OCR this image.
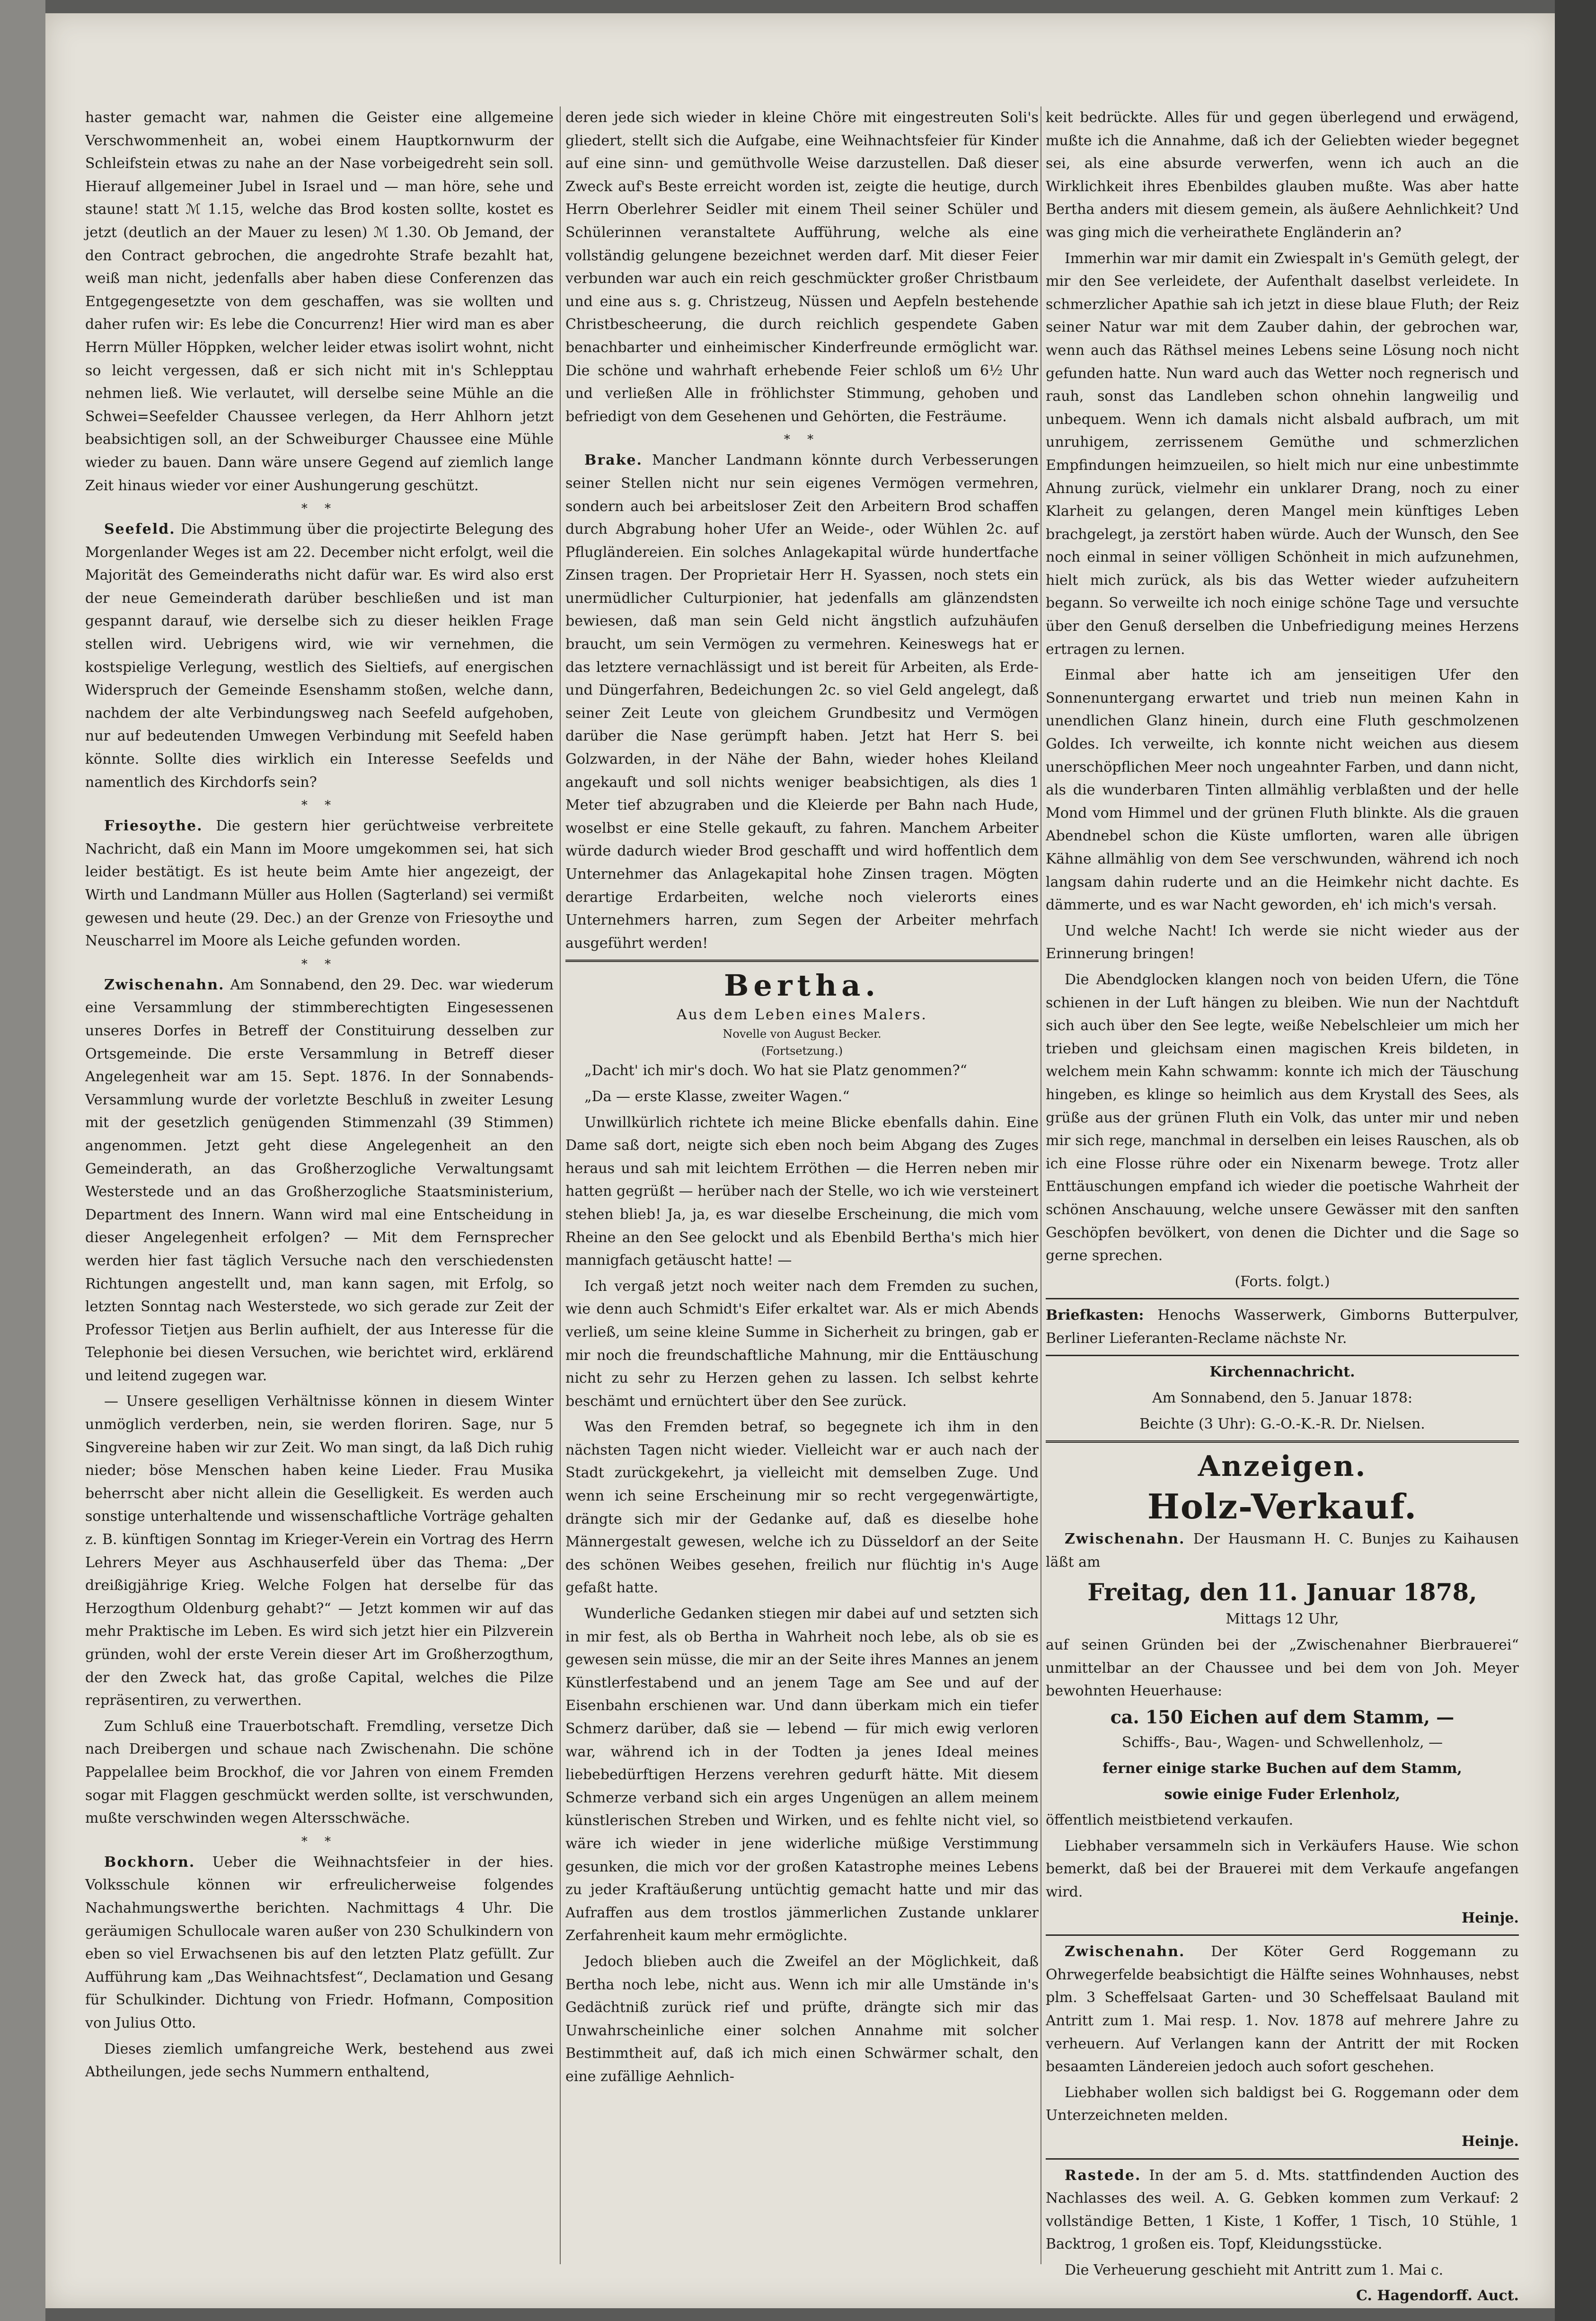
haster gemacht war, nahmen die Geister eine allgemeine Verschwommenheit an, wobei einem Hauptkornwurm der Schleifstein etwas zu nahe an der Nase vorbeigedreht sein soll. Hierauf allgemeiner Jubel in Israel und — man höre, sehe und staune! statt ℳ 1.15, welche das Brod kosten sollte, kostet es jetzt (deutlich an der Mauer zu lesen) ℳ 1.30. Ob Jemand, der den Contract gebrochen, die angedrohte Strafe bezahlt hat, weiß man nicht, jedenfalls aber haben diese Conferenzen das Entgegengesetzte von dem geschaffen, was sie wollten und daher rufen wir: Es lebe die Concurrenz! Hier wird man es aber Herrn Müller Höppken, welcher leider etwas isolirt wohnt, nicht so leicht vergessen, daß er sich nicht mit in's Schlepptau nehmen ließ. Wie verlautet, will derselbe seine Mühle an die Schwei=Seefelder Chaussee verlegen, da Herr Ahlhorn jetzt beabsichtigen soll, an der Schweiburger Chaussee eine Mühle wieder zu bauen. Dann wäre unsere Gegend auf ziemlich lange Zeit hinaus wieder vor einer Aushungerung geschützt.

* *

Seefeld. Die Abstimmung über die projectirte Belegung des Morgenlander Weges ist am 22. December nicht erfolgt, weil die Majorität des Gemeinderaths nicht dafür war. Es wird also erst der neue Gemeinderath darüber beschließen und ist man gespannt darauf, wie derselbe sich zu dieser heiklen Frage stellen wird. Uebrigens wird, wie wir vernehmen, die kostspielige Verlegung, westlich des Sieltiefs, auf energischen Widerspruch der Gemeinde Esenshamm stoßen, welche dann, nachdem der alte Verbindungsweg nach Seefeld aufgehoben, nur auf bedeutenden Umwegen Verbindung mit Seefeld haben könnte. Sollte dies wirklich ein Interesse Seefelds und namentlich des Kirchdorfs sein?

* *

Friesoythe. Die gestern hier gerüchtweise verbreitete Nachricht, daß ein Mann im Moore umgekommen sei, hat sich leider bestätigt. Es ist heute beim Amte hier angezeigt, der Wirth und Landmann Müller aus Hollen (Sagterland) sei vermißt gewesen und heute (29. Dec.) an der Grenze von Friesoythe und Neuscharrel im Moore als Leiche gefunden worden.

* *

Zwischenahn. Am Sonnabend, den 29. Dec. war wiederum eine Versammlung der stimmberechtigten Eingesessenen unseres Dorfes in Betreff der Constituirung desselben zur Ortsgemeinde. Die erste Versammlung in Betreff dieser Angelegenheit war am 15. Sept. 1876. In der Sonnabends-Versammlung wurde der vorletzte Beschluß in zweiter Lesung mit der gesetzlich genügenden Stimmenzahl (39 Stimmen) angenommen. Jetzt geht diese Angelegenheit an den Gemeinderath, an das Großherzogliche Verwaltungsamt Westerstede und an das Großherzogliche Staatsministerium, Department des Innern. Wann wird mal eine Entscheidung in dieser Angelegenheit erfolgen? — Mit dem Fernsprecher werden hier fast täglich Versuche nach den verschiedensten Richtungen angestellt und, man kann sagen, mit Erfolg, so letzten Sonntag nach Westerstede, wo sich gerade zur Zeit der Professor Tietjen aus Berlin aufhielt, der aus Interesse für die Telephonie bei diesen Versuchen, wie berichtet wird, erklärend und leitend zugegen war.

— Unsere geselligen Verhältnisse können in diesem Winter unmöglich verderben, nein, sie werden floriren. Sage, nur 5 Singvereine haben wir zur Zeit. Wo man singt, da laß Dich ruhig nieder; böse Menschen haben keine Lieder. Frau Musika beherrscht aber nicht allein die Geselligkeit. Es werden auch sonstige unterhaltende und wissenschaftliche Vorträge gehalten z. B. künftigen Sonntag im Krieger-Verein ein Vortrag des Herrn Lehrers Meyer aus Aschhauserfeld über das Thema: „Der dreißigjährige Krieg. Welche Folgen hat derselbe für das Herzogthum Oldenburg gehabt?“ — Jetzt kommen wir auf das mehr Praktische im Leben. Es wird sich jetzt hier ein Pilzverein gründen, wohl der erste Verein dieser Art im Großherzogthum, der den Zweck hat, das große Capital, welches die Pilze repräsentiren, zu verwerthen.

Zum Schluß eine Trauerbotschaft. Fremdling, versetze Dich nach Dreibergen und schaue nach Zwischenahn. Die schöne Pappelallee beim Brockhof, die vor Jahren von einem Fremden sogar mit Flaggen geschmückt werden sollte, ist verschwunden, mußte verschwinden wegen Altersschwäche.

* *

Bockhorn. Ueber die Weihnachtsfeier in der hies. Volksschule können wir erfreulicherweise folgendes Nachahmungswerthe berichten. Nachmittags 4 Uhr. Die geräumigen Schullocale waren außer von 230 Schulkindern von eben so viel Erwachsenen bis auf den letzten Platz gefüllt. Zur Aufführung kam „Das Weihnachtsfest“, Declamation und Gesang für Schulkinder. Dichtung von Friedr. Hofmann, Composition von Julius Otto.

Dieses ziemlich umfangreiche Werk, bestehend aus zwei Abtheilungen, jede sechs Nummern enthaltend,

deren jede sich wieder in kleine Chöre mit eingestreuten Soli's gliedert, stellt sich die Aufgabe, eine Weihnachtsfeier für Kinder auf eine sinn- und gemüthvolle Weise darzustellen. Daß dieser Zweck auf's Beste erreicht worden ist, zeigte die heutige, durch Herrn Oberlehrer Seidler mit einem Theil seiner Schüler und Schülerinnen veranstaltete Aufführung, welche als eine vollständig gelungene bezeichnet werden darf. Mit dieser Feier verbunden war auch ein reich geschmückter großer Christbaum und eine aus s. g. Christzeug, Nüssen und Aepfeln bestehende Christbescheerung, die durch reichlich gespendete Gaben benachbarter und einheimischer Kinderfreunde ermöglicht war. Die schöne und wahrhaft erhebende Feier schloß um 6½ Uhr und verließen Alle in fröhlichster Stimmung, gehoben und befriedigt von dem Gesehenen und Gehörten, die Festräume.

* *

Brake. Mancher Landmann könnte durch Verbesserungen seiner Stellen nicht nur sein eigenes Vermögen vermehren, sondern auch bei arbeitsloser Zeit den Arbeitern Brod schaffen durch Abgrabung hoher Ufer an Weide-, oder Wühlen 2c. auf Pflugländereien. Ein solches Anlagekapital würde hundertfache Zinsen tragen. Der Proprietair Herr H. Syassen, noch stets ein unermüdlicher Culturpionier, hat jedenfalls am glänzendsten bewiesen, daß man sein Geld nicht ängstlich aufzuhäufen braucht, um sein Vermögen zu vermehren. Keineswegs hat er das letztere vernachlässigt und ist bereit für Arbeiten, als Erde- und Düngerfahren, Bedeichungen 2c. so viel Geld angelegt, daß seiner Zeit Leute von gleichem Grundbesitz und Vermögen darüber die Nase gerümpft haben. Jetzt hat Herr S. bei Golzwarden, in der Nähe der Bahn, wieder hohes Kleiland angekauft und soll nichts weniger beabsichtigen, als dies 1 Meter tief abzugraben und die Kleierde per Bahn nach Hude, woselbst er eine Stelle gekauft, zu fahren. Manchem Arbeiter würde dadurch wieder Brod geschafft und wird hoffentlich dem Unternehmer das Anlagekapital hohe Zinsen tragen. Mögten derartige Erdarbeiten, welche noch vielerorts eines Unternehmers harren, zum Segen der Arbeiter mehrfach ausgeführt werden!

Bertha.
Aus dem Leben eines Malers.
Novelle von August Becker.
(Fortsetzung.)

„Dacht' ich mir's doch. Wo hat sie Platz genommen?“

„Da — erste Klasse, zweiter Wagen.“

Unwillkürlich richtete ich meine Blicke ebenfalls dahin. Eine Dame saß dort, neigte sich eben noch beim Abgang des Zuges heraus und sah mit leichtem Erröthen — die Herren neben mir hatten gegrüßt — herüber nach der Stelle, wo ich wie versteinert stehen blieb! Ja, ja, es war dieselbe Erscheinung, die mich vom Rheine an den See gelockt und als Ebenbild Bertha's mich hier mannigfach getäuscht hatte! —

Ich vergaß jetzt noch weiter nach dem Fremden zu suchen, wie denn auch Schmidt's Eifer erkaltet war. Als er mich Abends verließ, um seine kleine Summe in Sicherheit zu bringen, gab er mir noch die freundschaftliche Mahnung, mir die Enttäuschung nicht zu sehr zu Herzen gehen zu lassen. Ich selbst kehrte beschämt und ernüchtert über den See zurück.

Was den Fremden betraf, so begegnete ich ihm in den nächsten Tagen nicht wieder. Vielleicht war er auch nach der Stadt zurückgekehrt, ja vielleicht mit demselben Zuge. Und wenn ich seine Erscheinung mir so recht vergegenwärtigte, drängte sich mir der Gedanke auf, daß es dieselbe hohe Männergestalt gewesen, welche ich zu Düsseldorf an der Seite des schönen Weibes gesehen, freilich nur flüchtig in's Auge gefaßt hatte.

Wunderliche Gedanken stiegen mir dabei auf und setzten sich in mir fest, als ob Bertha in Wahrheit noch lebe, als ob sie es gewesen sein müsse, die mir an der Seite ihres Mannes an jenem Künstlerfestabend und an jenem Tage am See und auf der Eisenbahn erschienen war. Und dann überkam mich ein tiefer Schmerz darüber, daß sie — lebend — für mich ewig verloren war, während ich in der Todten ja jenes Ideal meines liebebedürftigen Herzens verehren gedurft hätte. Mit diesem Schmerze verband sich ein arges Ungenügen an allem meinem künstlerischen Streben und Wirken, und es fehlte nicht viel, so wäre ich wieder in jene widerliche müßige Verstimmung gesunken, die mich vor der großen Katastrophe meines Lebens zu jeder Kraftäußerung untüchtig gemacht hatte und mir das Aufraffen aus dem trostlos jämmerlichen Zustande unklarer Zerfahrenheit kaum mehr ermöglichte.

Jedoch blieben auch die Zweifel an der Möglichkeit, daß Bertha noch lebe, nicht aus. Wenn ich mir alle Umstände in's Gedächtniß zurück rief und prüfte, drängte sich mir das Unwahrscheinliche einer solchen Annahme mit solcher Bestimmtheit auf, daß ich mich einen Schwärmer schalt, den eine zufällige Aehnlich-

keit bedrückte. Alles für und gegen überlegend und erwägend, mußte ich die Annahme, daß ich der Geliebten wieder begegnet sei, als eine absurde verwerfen, wenn ich auch an die Wirklichkeit ihres Ebenbildes glauben mußte. Was aber hatte Bertha anders mit diesem gemein, als äußere Aehnlichkeit? Und was ging mich die verheirathete Engländerin an?

Immerhin war mir damit ein Zwiespalt in's Gemüth gelegt, der mir den See verleidete, der Aufenthalt daselbst verleidete. In schmerzlicher Apathie sah ich jetzt in diese blaue Fluth; der Reiz seiner Natur war mit dem Zauber dahin, der gebrochen war, wenn auch das Räthsel meines Lebens seine Lösung noch nicht gefunden hatte. Nun ward auch das Wetter noch regnerisch und rauh, sonst das Landleben schon ohnehin langweilig und unbequem. Wenn ich damals nicht alsbald aufbrach, um mit unruhigem, zerrissenem Gemüthe und schmerzlichen Empfindungen heimzueilen, so hielt mich nur eine unbestimmte Ahnung zurück, vielmehr ein unklarer Drang, noch zu einer Klarheit zu gelangen, deren Mangel mein künftiges Leben brachgelegt, ja zerstört haben würde. Auch der Wunsch, den See noch einmal in seiner völligen Schönheit in mich aufzunehmen, hielt mich zurück, als bis das Wetter wieder aufzuheitern begann. So verweilte ich noch einige schöne Tage und versuchte über den Genuß derselben die Unbefriedigung meines Herzens ertragen zu lernen.

Einmal aber hatte ich am jenseitigen Ufer den Sonnenuntergang erwartet und trieb nun meinen Kahn in unendlichen Glanz hinein, durch eine Fluth geschmolzenen Goldes. Ich verweilte, ich konnte nicht weichen aus diesem unerschöpflichen Meer noch ungeahnter Farben, und dann nicht, als die wunderbaren Tinten allmählig verblaßten und der helle Mond vom Himmel und der grünen Fluth blinkte. Als die grauen Abendnebel schon die Küste umflorten, waren alle übrigen Kähne allmählig von dem See verschwunden, während ich noch langsam dahin ruderte und an die Heimkehr nicht dachte. Es dämmerte, und es war Nacht geworden, eh' ich mich's versah.

Und welche Nacht! Ich werde sie nicht wieder aus der Erinnerung bringen!

Die Abendglocken klangen noch von beiden Ufern, die Töne schienen in der Luft hängen zu bleiben. Wie nun der Nachtduft sich auch über den See legte, weiße Nebelschleier um mich her trieben und gleichsam einen magischen Kreis bildeten, in welchem mein Kahn schwamm: konnte ich mich der Täuschung hingeben, es klinge so heimlich aus dem Krystall des Sees, als grüße aus der grünen Fluth ein Volk, das unter mir und neben mir sich rege, manchmal in derselben ein leises Rauschen, als ob ich eine Flosse rühre oder ein Nixenarm bewege. Trotz aller Enttäuschungen empfand ich wieder die poetische Wahrheit der schönen Anschauung, welche unsere Gewässer mit den sanften Geschöpfen bevölkert, von denen die Dichter und die Sage so gerne sprechen.

(Forts. folgt.)

Briefkasten: Henochs Wasserwerk, Gimborns Butterpulver, Berliner Lieferanten-Reclame nächste Nr.

Kirchennachricht.

Am Sonnabend, den 5. Januar 1878:

Beichte (3 Uhr): G.-O.-K.-R. Dr. Nielsen.

Anzeigen.
Holz-Verkauf.

Zwischenahn. Der Hausmann H. C. Bunjes zu Kaihausen läßt am

Freitag, den 11. Januar 1878,

Mittags 12 Uhr,

auf seinen Gründen bei der „Zwischenahner Bierbrauerei“ unmittelbar an der Chaussee und bei dem von Joh. Meyer bewohnten Heuerhause:

ca. 150 Eichen auf dem Stamm, —

Schiffs-, Bau-, Wagen- und Schwellenholz, —

ferner einige starke Buchen auf dem Stamm,

sowie einige Fuder Erlenholz,

öffentlich meistbietend verkaufen.

Liebhaber versammeln sich in Verkäufers Hause. Wie schon bemerkt, daß bei der Brauerei mit dem Verkaufe angefangen wird.

Heinje.

Zwischenahn. Der Köter Gerd Roggemann zu Ohrwegerfelde beabsichtigt die Hälfte seines Wohnhauses, nebst plm. 3 Scheffelsaat Garten- und 30 Scheffelsaat Bauland mit Antritt zum 1. Mai resp. 1. Nov. 1878 auf mehrere Jahre zu verheuern. Auf Verlangen kann der Antritt der mit Rocken besaamten Ländereien jedoch auch sofort geschehen.

Liebhaber wollen sich baldigst bei G. Roggemann oder dem Unterzeichneten melden.

Heinje.

Rastede. In der am 5. d. Mts. stattfindenden Auction des Nachlasses des weil. A. G. Gebken kommen zum Verkauf: 2 vollständige Betten, 1 Kiste, 1 Koffer, 1 Tisch, 10 Stühle, 1 Backtrog, 1 großen eis. Topf, Kleidungsstücke.

Die Verheuerung geschieht mit Antritt zum 1. Mai c.

C. Hagendorff. Auct.
